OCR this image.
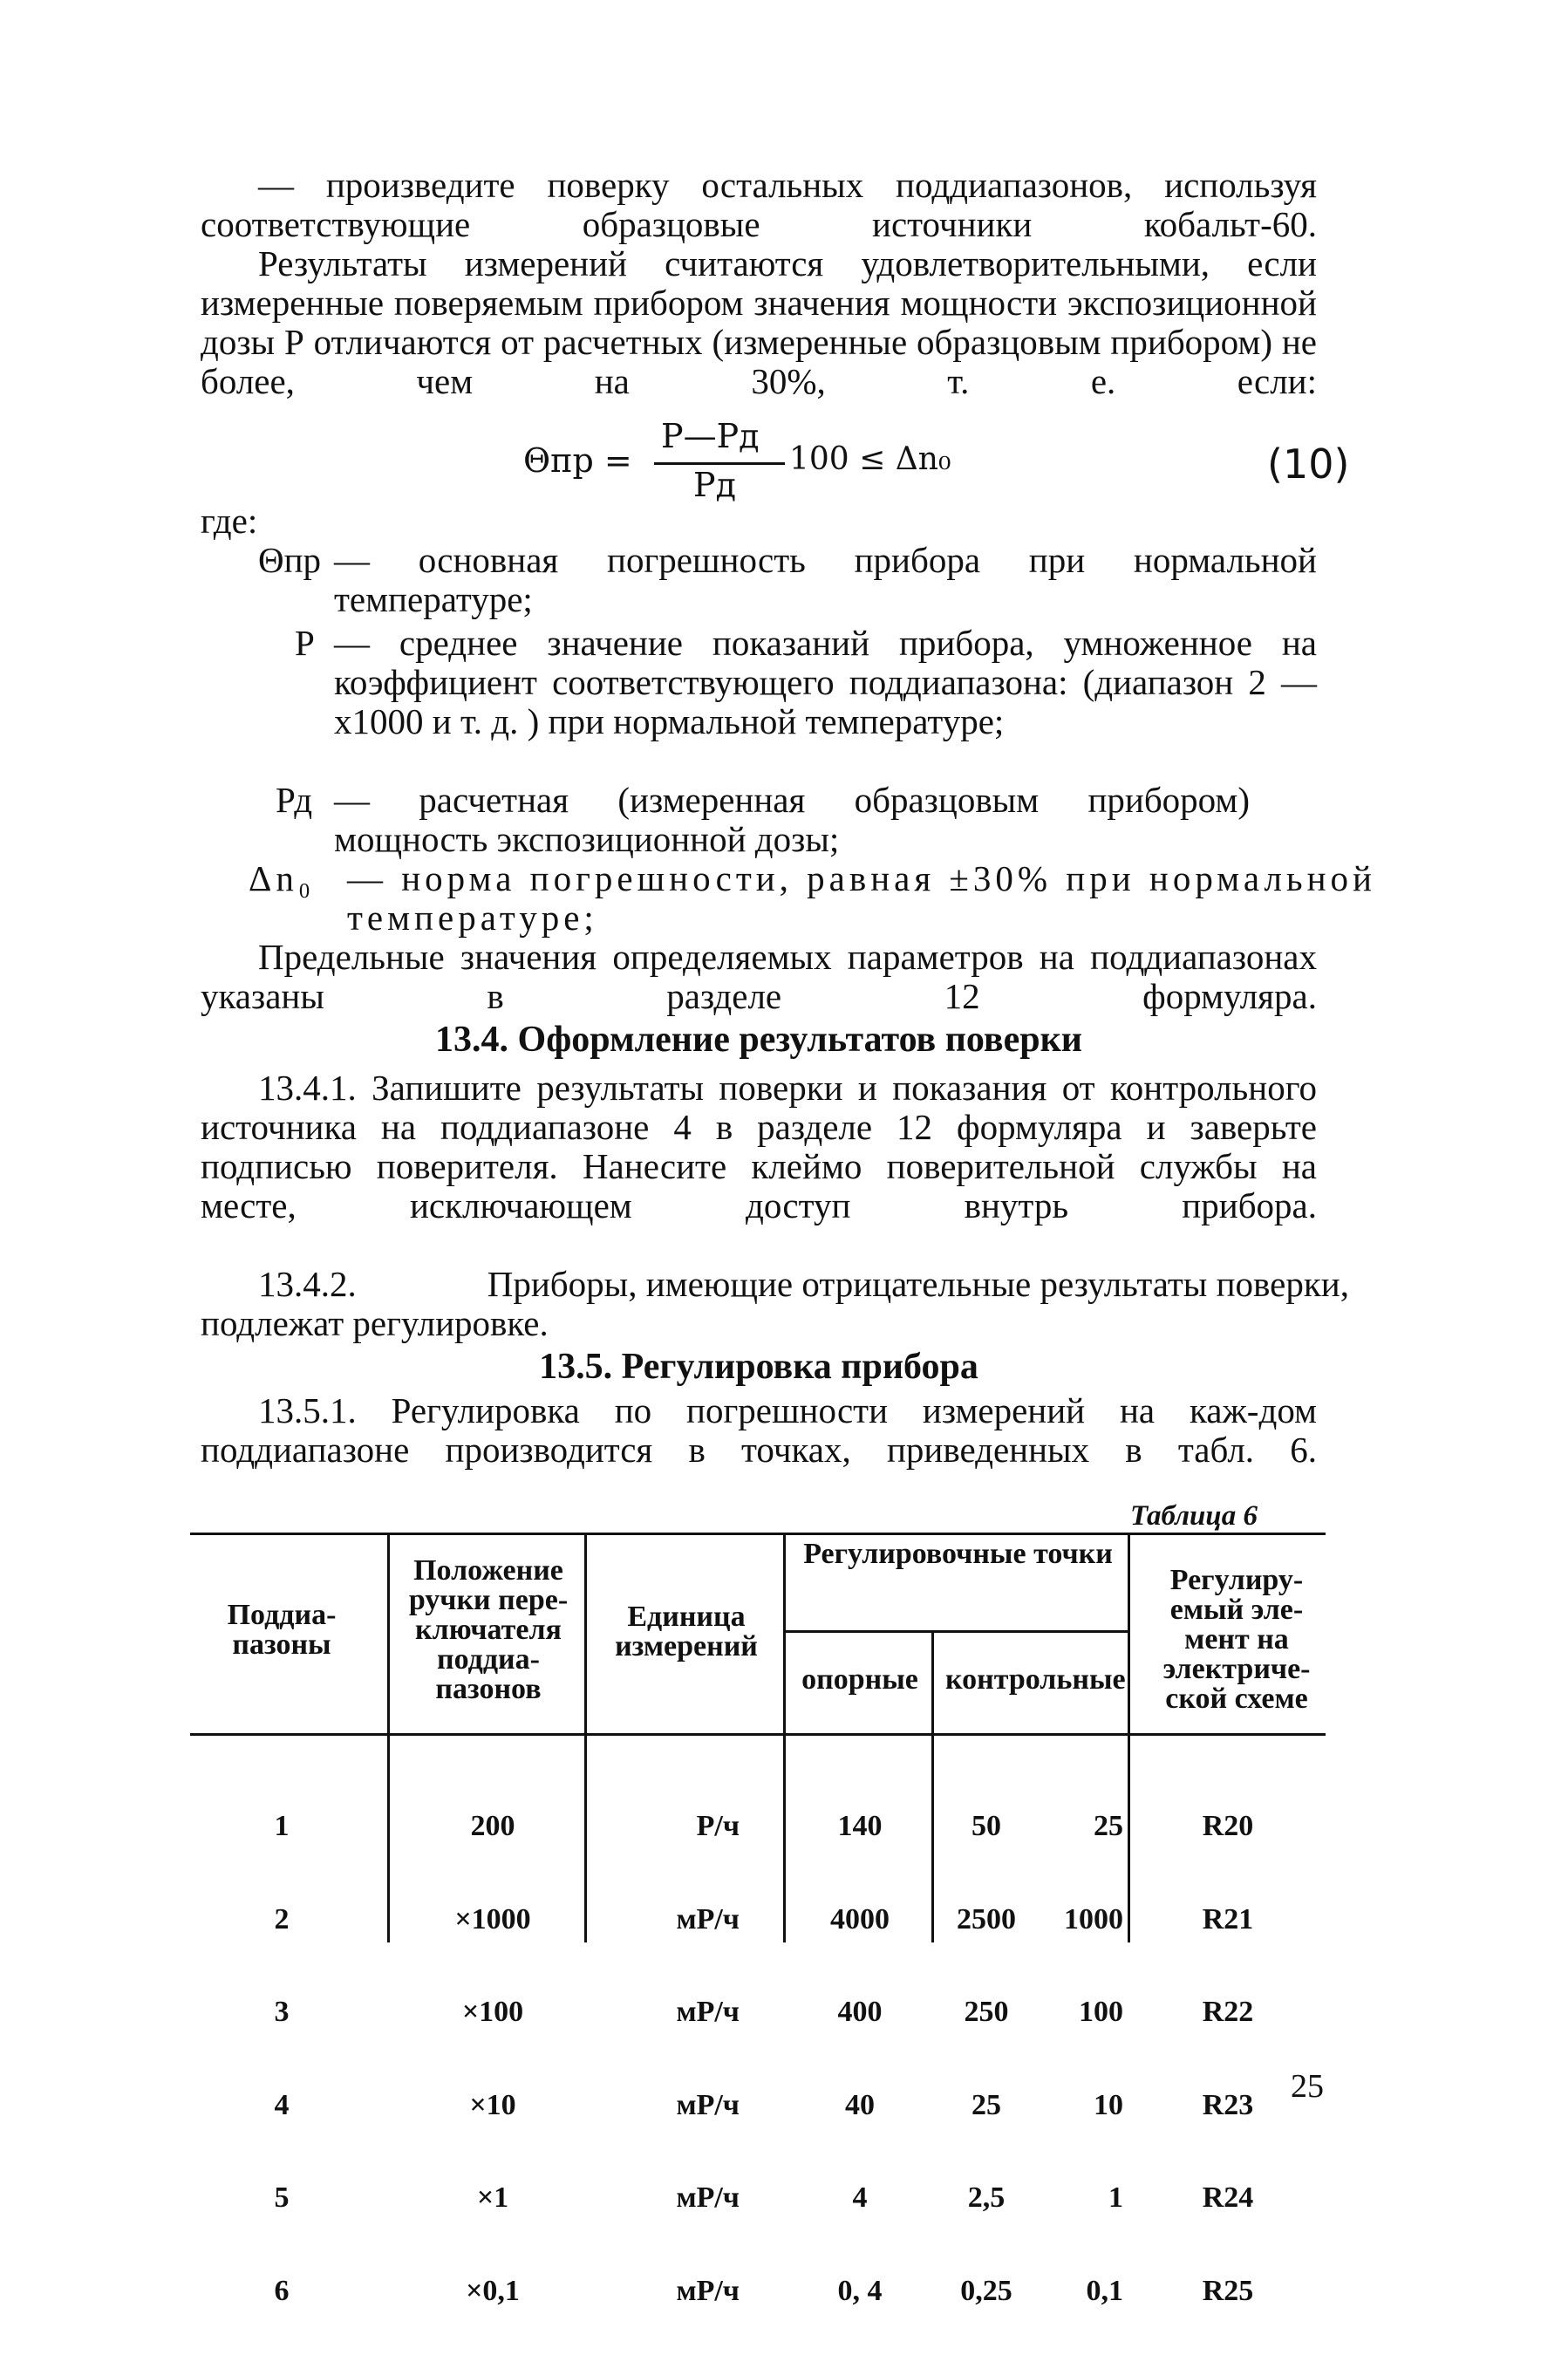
— произведите поверку остальных поддиапазонов, используя соответствующие образцовые источники кобальт-60.

Результаты измерений считаются удовлетворительными, если измеренные поверяемым прибором значения мощности экспозиционной дозы Р отличаются от расчетных (измеренные образцовым прибором) не более, чем на 30%, т. е. если:

Θпр =
Р—Рд
Рд
100 ≤ Δn₀	(10)

где:

Θпр — основная погрешность прибора при нормальной температуре;
Р — среднее значение показаний прибора, умноженное на коэффициент соответствующего поддиапазона: (диапазон 2 — х1000 и т. д. ) при нормальной температуре;
Рд — расчетная (измеренная образцовым прибором) мощность экспозиционной дозы;
Δn₀ — норма погрешности, равная ±30% при нормальной температуре;

Предельные значения определяемых параметров на поддиапазонах указаны в разделе 12 формуляра.

13.4. Оформление результатов поверки

13.4.1. Запишите результаты поверки и показания от контрольного источника на поддиапазоне 4 в разделе 12 формуляра и заверьте подписью поверителя. Нанесите клеймо поверительной службы на месте, исключающем доступ внутрь прибора.

13.4.2.	Приборы, имеющие отрицательные результаты поверки, подлежат регулировке.

13.5. Регулировка прибора

13.5.1. Регулировка по погрешности измерений на каж-дом поддиапазоне производится в точках, приведенных в табл. 6.

Таблица 6
Поддиа- пазоны
Положение ручки пере- ключателя поддиа- пазонов
Единица измерений
Регулировочные точки
опорные контрольные
Регулиру- емый эле- мент на электриче- ской схеме

1

2

3

4

5

6

200

×1000

×100

×10

×1

×0,1

Р/ч

мР/ч

мР/ч

мР/ч

мР/ч

мР/ч

140

4000

400

40

4

0, 4

50

2500

250

25

2,5

0,25

25

1000

100

10

1

0,1

R20

R21

R22

R23

R24

R25

25
